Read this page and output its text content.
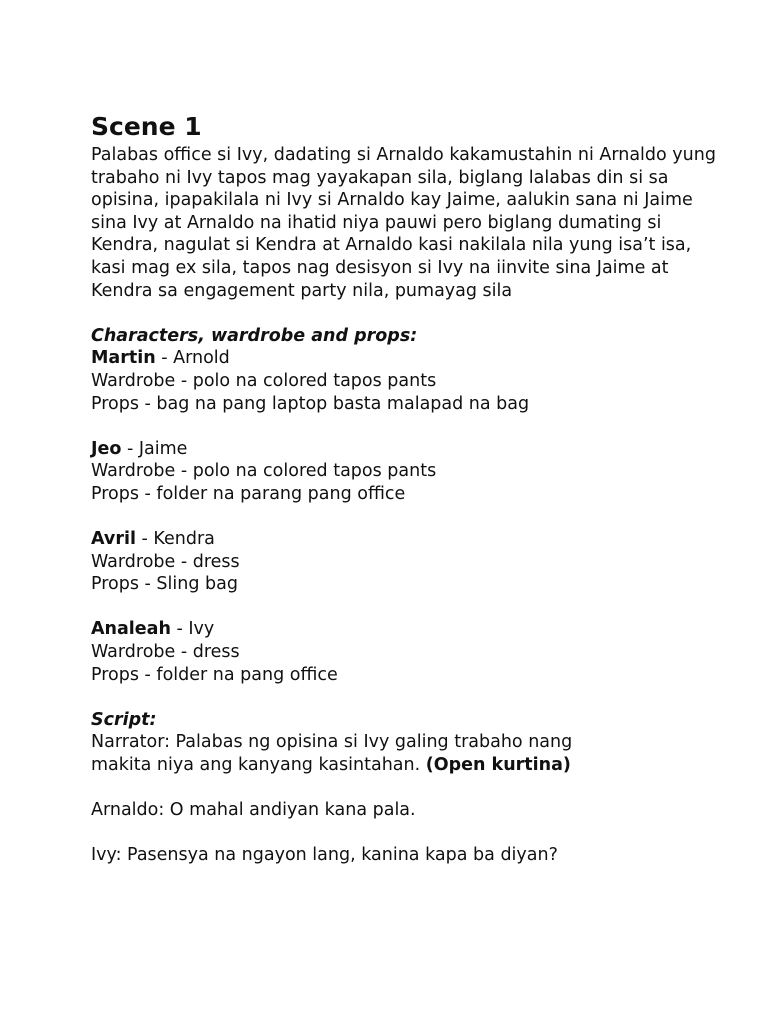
Scene 1

Palabas office si Ivy, dadating si Arnaldo kakamustahin ni Arnaldo yung trabaho ni Ivy tapos mag yayakapan sila, biglang lalabas din si sa opisina, ipapakilala ni Ivy si Arnaldo kay Jaime, aalukin sana ni Jaime sina Ivy at Arnaldo na ihatid niya pauwi pero biglang dumating si Kendra, nagulat si Kendra at Arnaldo kasi nakilala nila yung isa’t isa, kasi mag ex sila, tapos nag desisyon si Ivy na iinvite sina Jaime at Kendra sa engagement party nila, pumayag sila

Characters, wardrobe and props:

Martin - Arnold

Wardrobe - polo na colored tapos pants

Props - bag na pang laptop basta malapad na bag

Jeo - Jaime

Wardrobe - polo na colored tapos pants

Props - folder na parang pang office

Avril - Kendra

Wardrobe - dress

Props - Sling bag

Analeah - Ivy

Wardrobe - dress

Props - folder na pang office

Script:

Narrator: Palabas ng opisina si Ivy galing trabaho nang

makita niya ang kanyang kasintahan. (Open kurtina)

Arnaldo: O mahal andiyan kana pala.

Ivy: Pasensya na ngayon lang, kanina kapa ba diyan?
